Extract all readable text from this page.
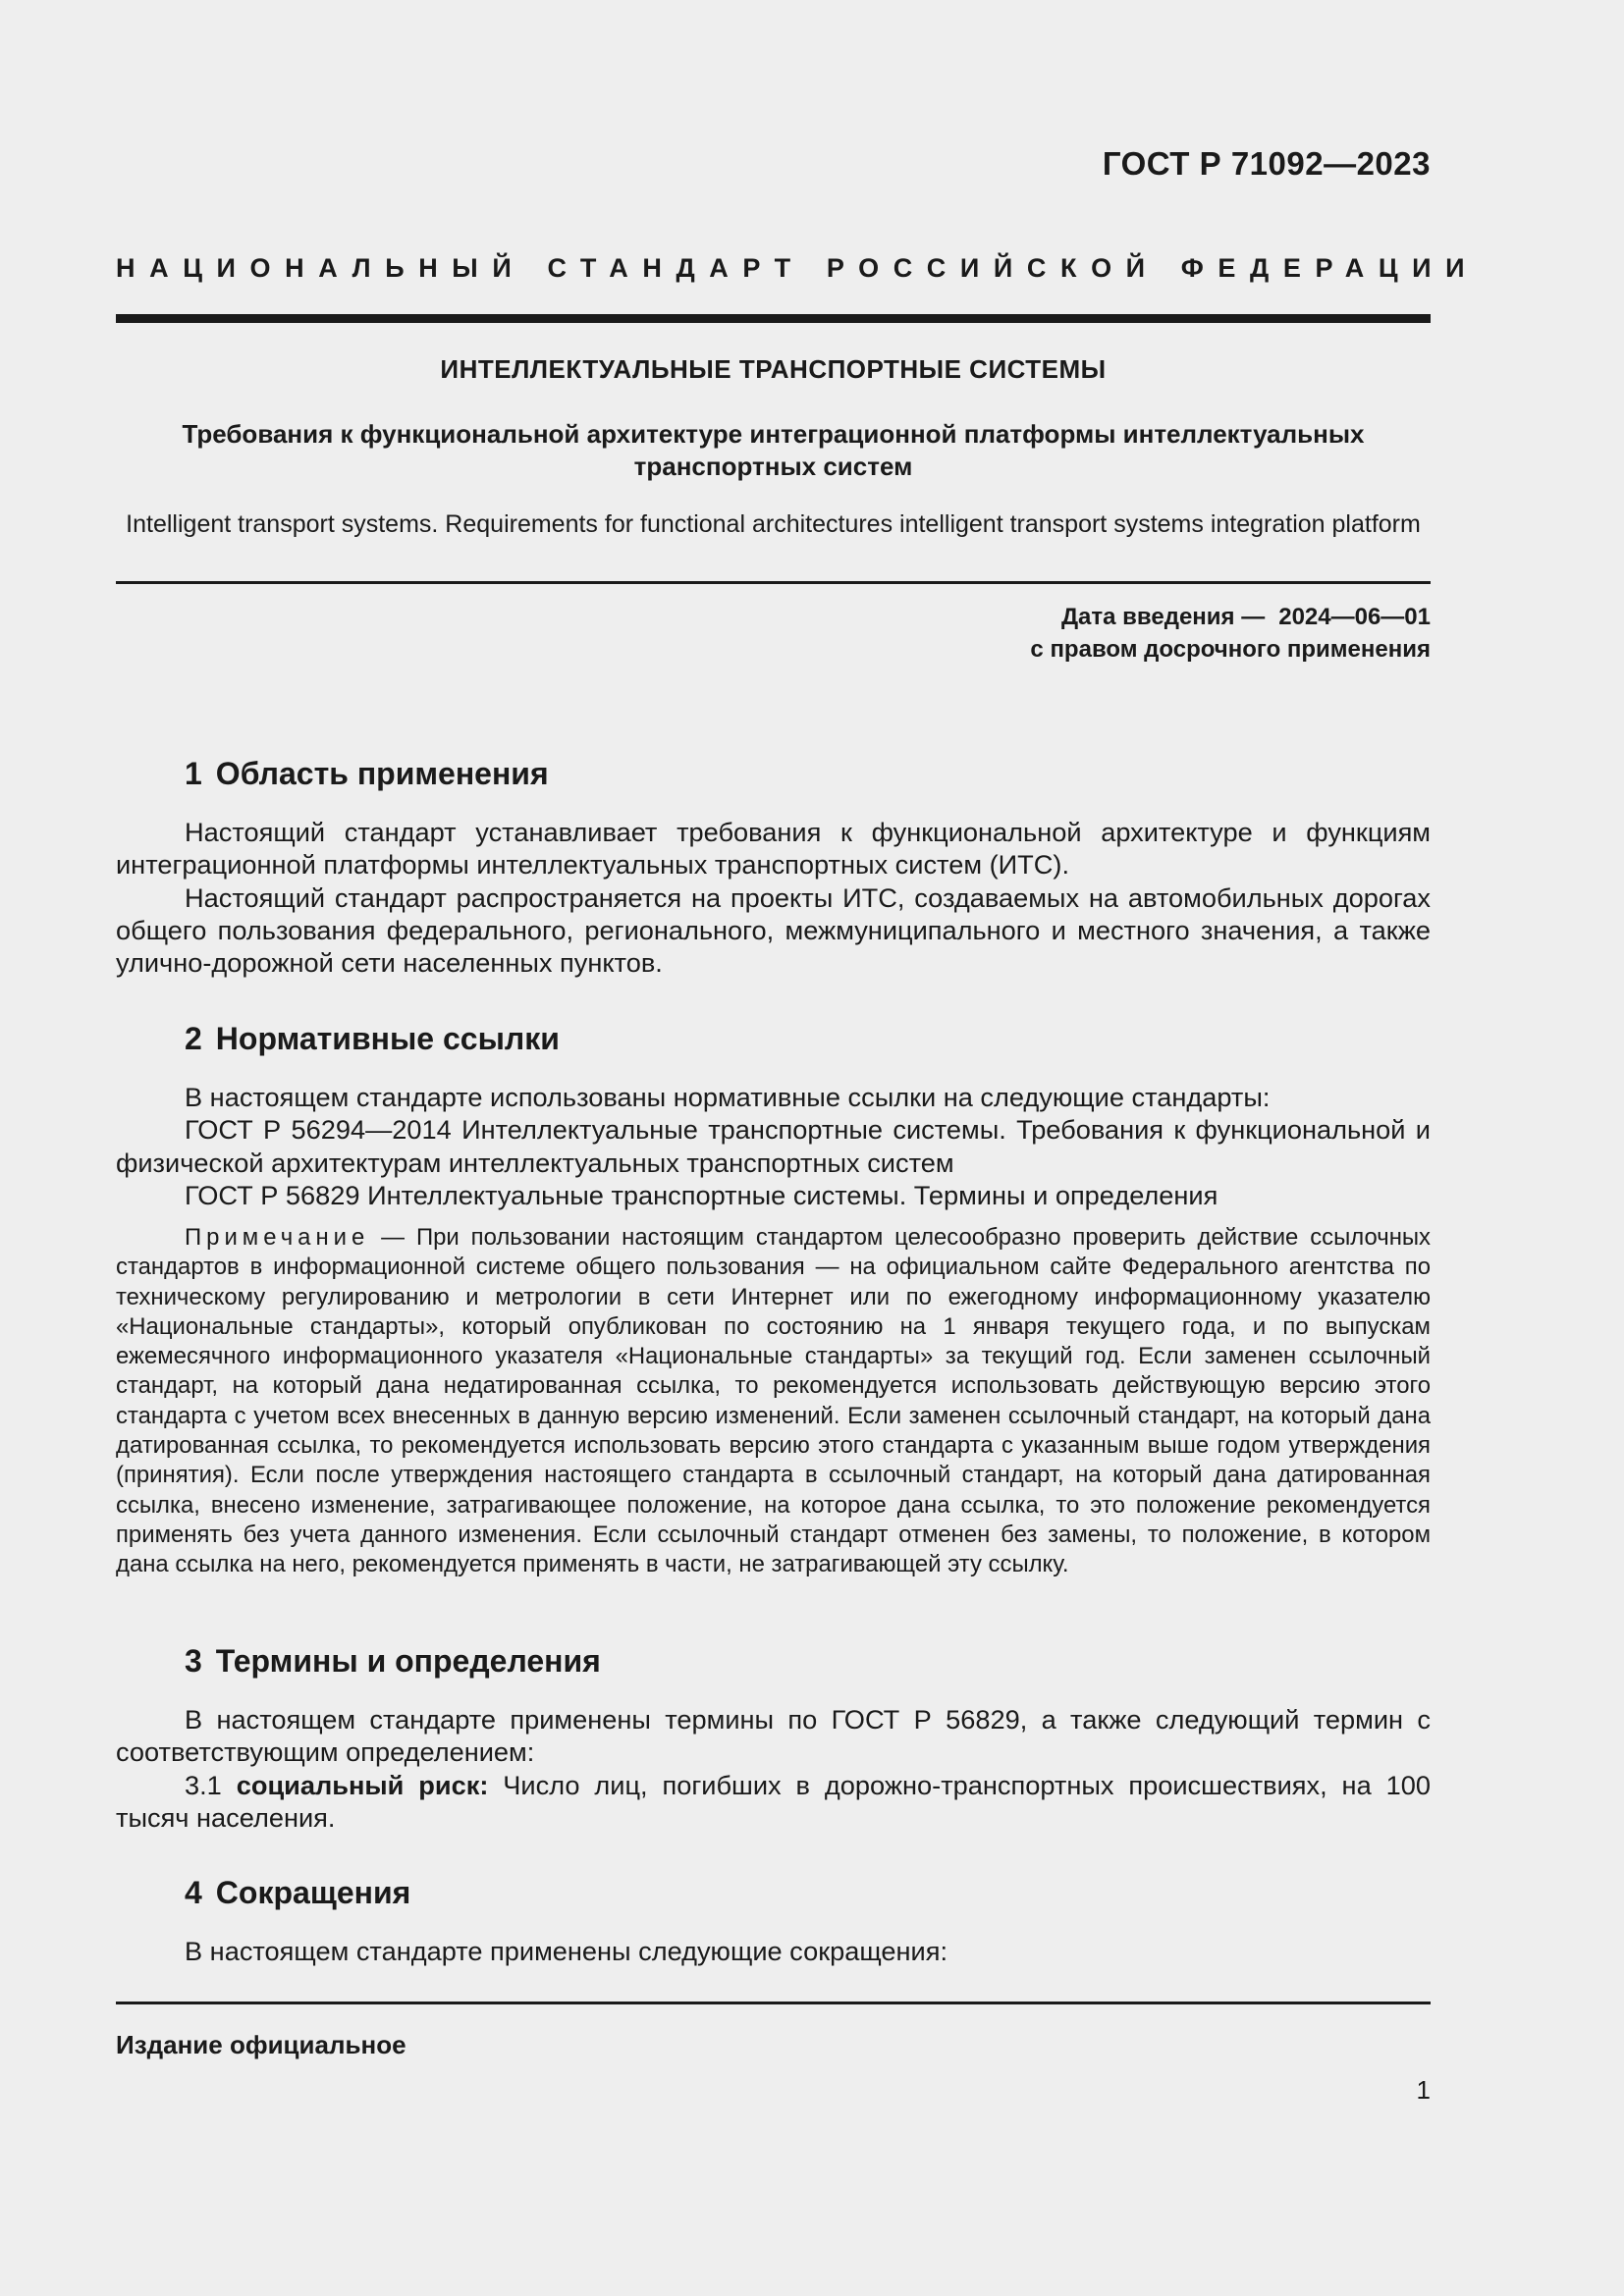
ГОСТ Р 71092—2023
НАЦИОНАЛЬНЫЙ СТАНДАРТ РОССИЙСКОЙ ФЕДЕРАЦИИ
ИНТЕЛЛЕКТУАЛЬНЫЕ ТРАНСПОРТНЫЕ СИСТЕМЫ
Требования к функциональной архитектуре интеграционной платформы интеллектуальных транспортных систем
Intelligent transport systems. Requirements for functional architectures intelligent transport systems integration platform
Дата введения — 2024—06—01
с правом досрочного применения
1 Область применения

Настоящий стандарт устанавливает требования к функциональной архитектуре и функциям интеграционной платформы интеллектуальных транспортных систем (ИТС).

Настоящий стандарт распространяется на проекты ИТС, создаваемых на автомобильных дорогах общего пользования федерального, регионального, межмуниципального и местного значения, а также улично-дорожной сети населенных пунктов.

2 Нормативные ссылки

В настоящем стандарте использованы нормативные ссылки на следующие стандарты:

ГОСТ Р 56294—2014 Интеллектуальные транспортные системы. Требования к функциональной и физической архитектурам интеллектуальных транспортных систем

ГОСТ Р 56829 Интеллектуальные транспортные системы. Термины и определения

Примечание — При пользовании настоящим стандартом целесообразно проверить действие ссылочных стандартов в информационной системе общего пользования — на официальном сайте Федерального агентства по техническому регулированию и метрологии в сети Интернет или по ежегодному информационному указателю «Национальные стандарты», который опубликован по состоянию на 1 января текущего года, и по выпускам ежемесячного информационного указателя «Национальные стандарты» за текущий год. Если заменен ссылочный стандарт, на который дана недатированная ссылка, то рекомендуется использовать действующую версию этого стандарта с учетом всех внесенных в данную версию изменений. Если заменен ссылочный стандарт, на который дана датированная ссылка, то рекомендуется использовать версию этого стандарта с указанным выше годом утверждения (принятия). Если после утверждения настоящего стандарта в ссылочный стандарт, на который дана датированная ссылка, внесено изменение, затрагивающее положение, на которое дана ссылка, то это положение рекомендуется применять без учета данного изменения. Если ссылочный стандарт отменен без замены, то положение, в котором дана ссылка на него, рекомендуется применять в части, не затрагивающей эту ссылку.
3 Термины и определения

В настоящем стандарте применены термины по ГОСТ Р 56829, а также следующий термин с соответствующим определением:

3.1 социальный риск: Число лиц, погибших в дорожно-транспортных происшествиях, на 100 тысяч населения.

4 Сокращения

В настоящем стандарте применены следующие сокращения:

Издание официальное
1
